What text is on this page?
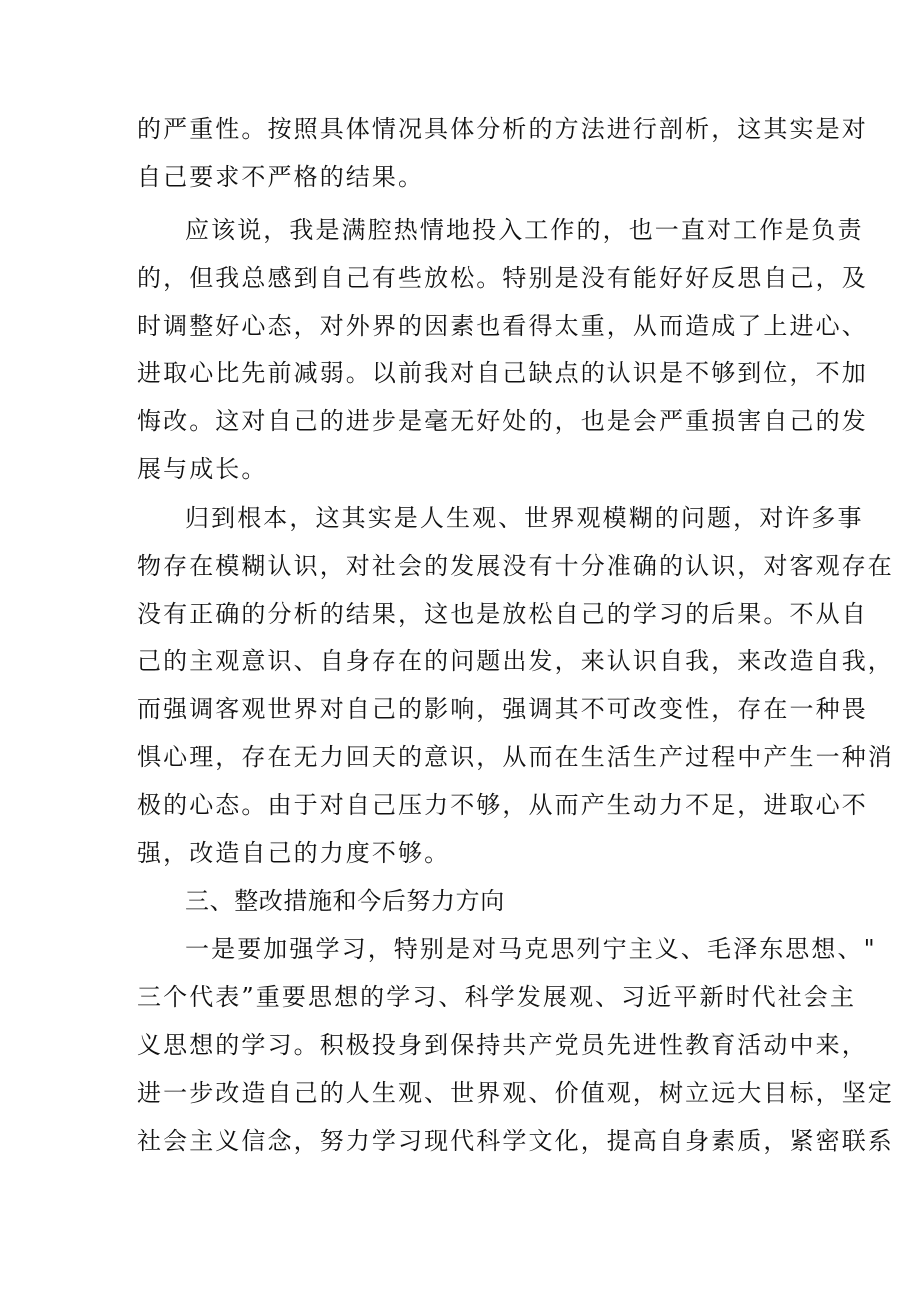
的严重性。按照具体情况具体分析的方法进行剖析，这其实是对
自己要求不严格的结果。
应该说，我是满腔热情地投入工作的，也一直对工作是负责
的，但我总感到自己有些放松。特别是没有能好好反思自己，及
时调整好心态，对外界的因素也看得太重，从而造成了上进心、
进取心比先前减弱。以前我对自己缺点的认识是不够到位，不加
悔改。这对自己的进步是毫无好处的，也是会严重损害自己的发
展与成长。
归到根本，这其实是人生观、世界观模糊的问题，对许多事
物存在模糊认识，对社会的发展没有十分准确的认识，对客观存在
没有正确的分析的结果，这也是放松自己的学习的后果。不从自
己的主观意识、自身存在的问题出发，来认识自我，来改造自我，
而强调客观世界对自己的影响，强调其不可改变性，存在一种畏
惧心理，存在无力回天的意识，从而在生活生产过程中产生一种消
极的心态。由于对自己压力不够，从而产生动力不足，进取心不
强，改造自己的力度不够。
三、整改措施和今后努力方向
一是要加强学习，特别是对马克思列宁主义、毛泽东思想、"
三个代表”重要思想的学习、科学发展观、习近平新时代社会主
义思想的学习。积极投身到保持共产党员先进性教育活动中来，
进一步改造自己的人生观、世界观、价值观，树立远大目标，坚定
社会主义信念，努力学习现代科学文化，提高自身素质，紧密联系
